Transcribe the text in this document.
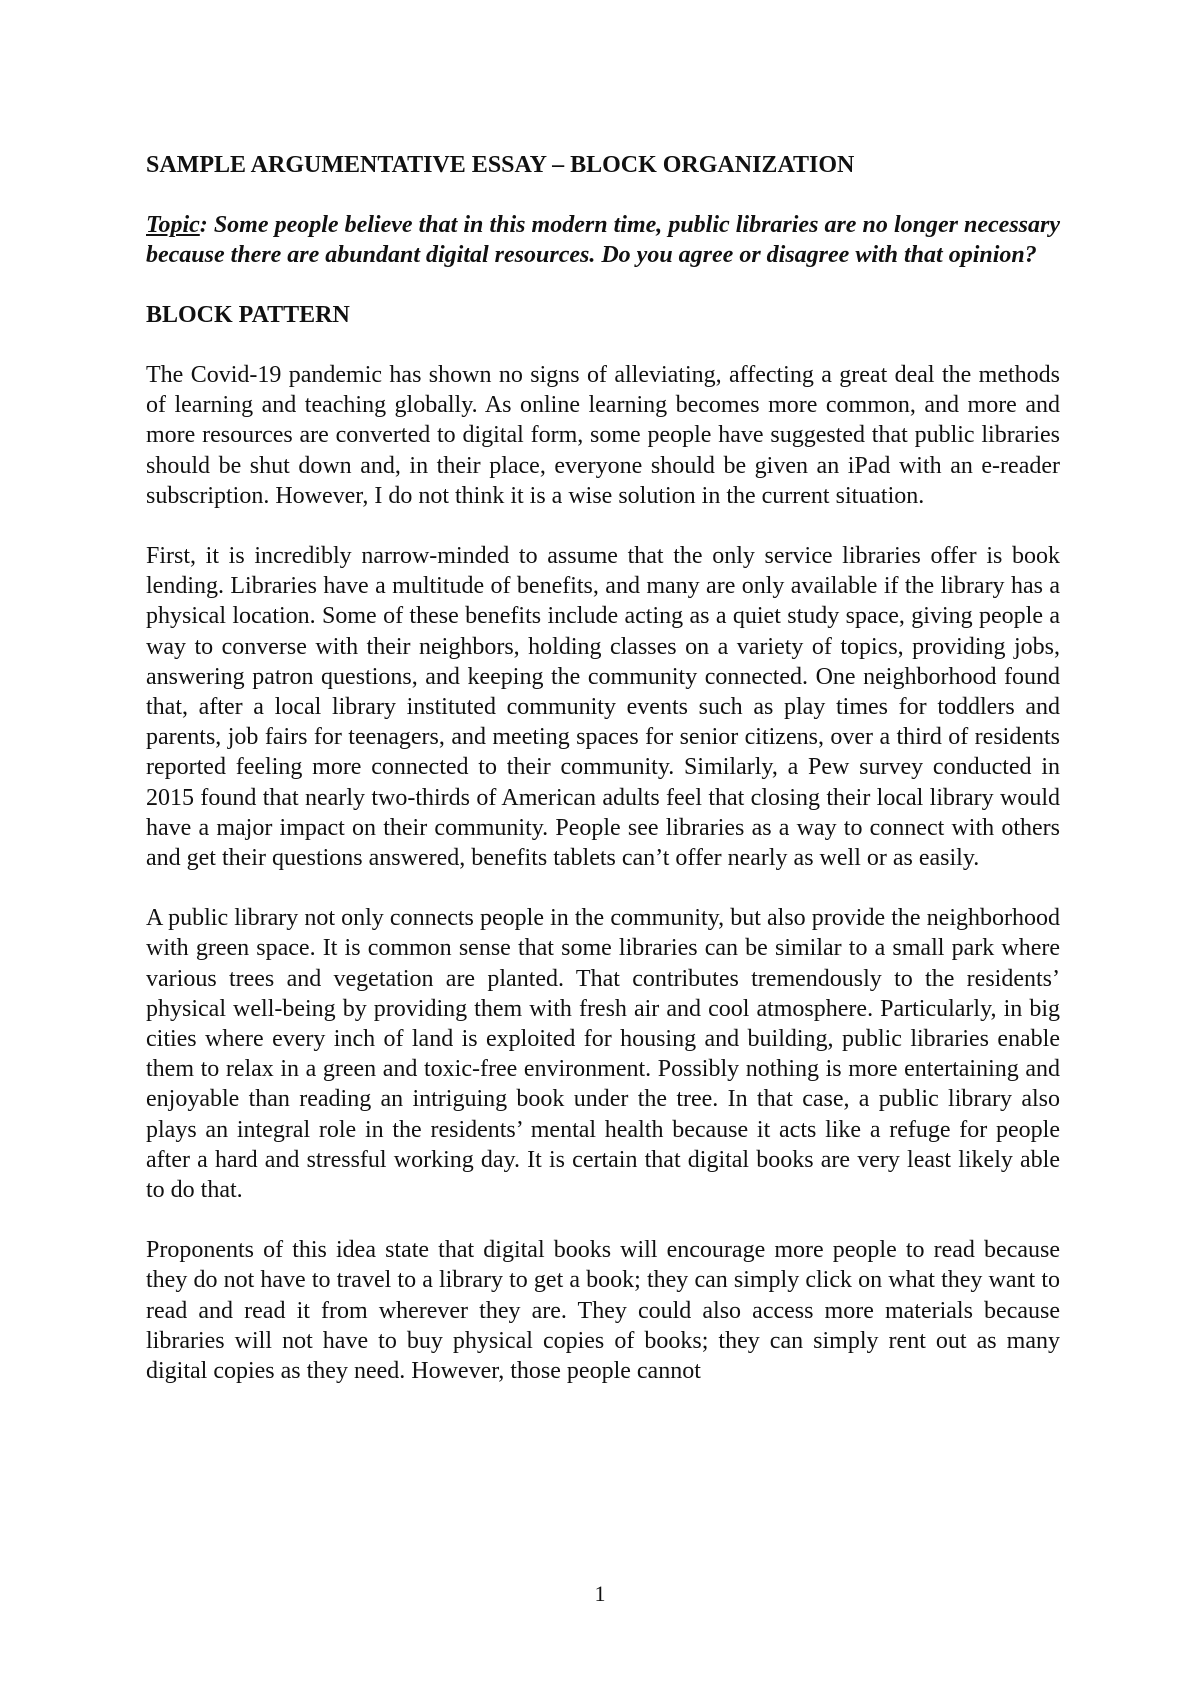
SAMPLE ARGUMENTATIVE ESSAY – BLOCK ORGANIZATION
Topic: Some people believe that in this modern time, public libraries are no longer necessary because there are abundant digital resources. Do you agree or disagree with that opinion?
BLOCK PATTERN

The Covid-19 pandemic has shown no signs of alleviating, affecting a great deal the methods of learning and teaching globally. As online learning becomes more common, and more and more resources are converted to digital form, some people have suggested that public libraries should be shut down and, in their place, everyone should be given an iPad with an e-reader subscription. However, I do not think it is a wise solution in the current situation.

First, it is incredibly narrow-minded to assume that the only service libraries offer is book lending. Libraries have a multitude of benefits, and many are only available if the library has a physical location. Some of these benefits include acting as a quiet study space, giving people a way to converse with their neighbors, holding classes on a variety of topics, providing jobs, answering patron questions, and keeping the community connected. One neighborhood found that, after a local library instituted community events such as play times for toddlers and parents, job fairs for teenagers, and meeting spaces for senior citizens, over a third of residents reported feeling more connected to their community. Similarly, a Pew survey conducted in 2015 found that nearly two-thirds of American adults feel that closing their local library would have a major impact on their community. People see libraries as a way to connect with others and get their questions answered, benefits tablets can’t offer nearly as well or as easily.

A public library not only connects people in the community, but also provide the neighborhood with green space. It is common sense that some libraries can be similar to a small park where various trees and vegetation are planted. That contributes tremendously to the residents’ physical well-being by providing them with fresh air and cool atmosphere. Particularly, in big cities where every inch of land is exploited for housing and building, public libraries enable them to relax in a green and toxic-free environment. Possibly nothing is more entertaining and enjoyable than reading an intriguing book under the tree. In that case, a public library also plays an integral role in the residents’ mental health because it acts like a refuge for people after a hard and stressful working day. It is certain that digital books are very least likely able to do that.

Proponents of this idea state that digital books will encourage more people to read because they do not have to travel to a library to get a book; they can simply click on what they want to read and read it from wherever they are. They could also access more materials because libraries will not have to buy physical copies of books; they can simply rent out as many digital copies as they need. However, those people cannot

1
